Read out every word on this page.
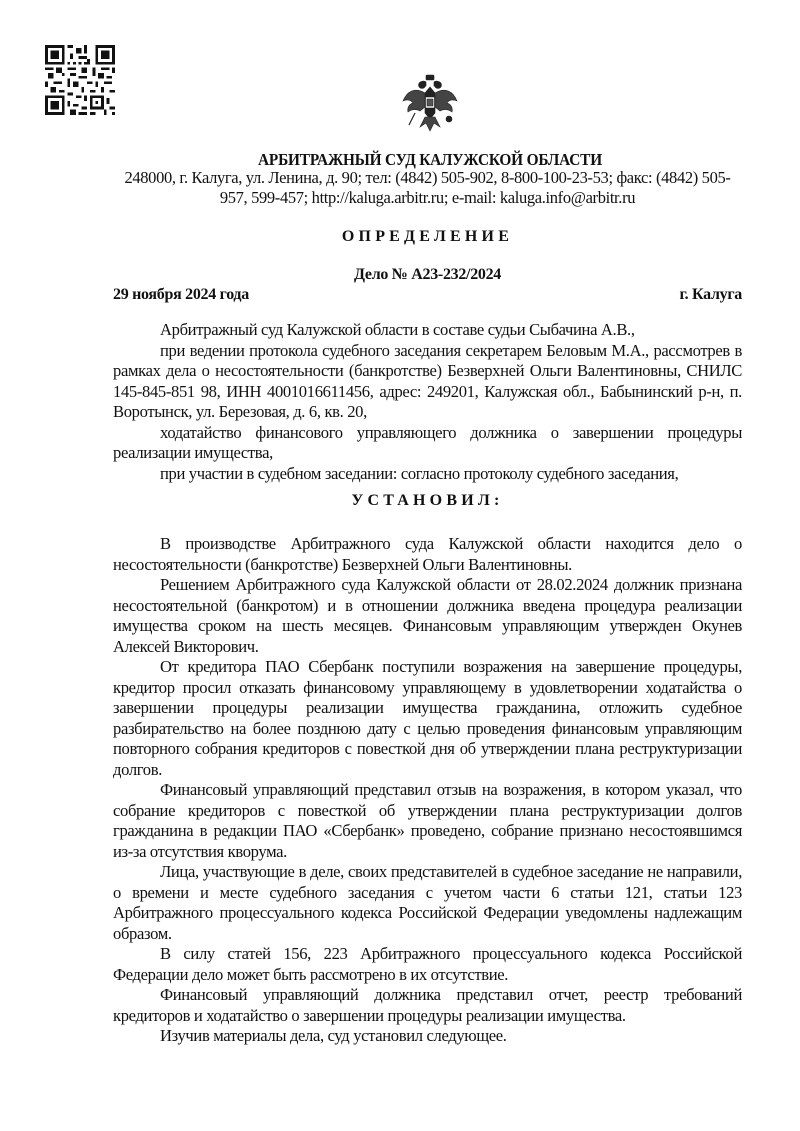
АРБИТРАЖНЫЙ СУД КАЛУЖСКОЙ ОБЛАСТИ
248000, г. Калуга, ул. Ленина, д. 90; тел: (4842) 505-902, 8-800-100-23-53; факс: (4842) 505-957, 599-457; http://kaluga.arbitr.ru; e-mail: kaluga.info@arbitr.ru
ОПРЕДЕЛЕНИЕ
Дело № А23-232/2024
29 ноября 2024 года	г. Калуга

Арбитражный суд Калужской области в составе судьи Сыбачина А.В.,

при ведении протокола судебного заседания секретарем Беловым М.А., рассмотрев в рамках дела о несостоятельности (банкротстве) Безверхней Ольги Валентиновны, СНИЛС 145-845-851 98, ИНН 4001016611456, адрес: 249201, Калужская обл., Бабынинский р-н, п. Воротынск, ул. Березовая, д. 6, кв. 20,

ходатайство финансового управляющего должника о завершении процедуры реализации имущества,

при участии в судебном заседании: согласно протоколу судебного заседания,

УСТАНОВИЛ:

В производстве Арбитражного суда Калужской области находится дело о несостоятельности (банкротстве) Безверхней Ольги Валентиновны.

Решением Арбитражного суда Калужской области от 28.02.2024 должник признана несостоятельной (банкротом) и в отношении должника введена процедура реализации имущества сроком на шесть месяцев. Финансовым управляющим утвержден Окунев Алексей Викторович.

От кредитора ПАО Сбербанк поступили возражения на завершение процедуры, кредитор просил отказать финансовому управляющему в удовлетворении ходатайства о завершении процедуры реализации имущества гражданина, отложить судебное разбирательство на более позднюю дату с целью проведения финансовым управляющим повторного собрания кредиторов с повесткой дня об утверждении плана реструктуризации долгов.

Финансовый управляющий представил отзыв на возражения, в котором указал, что собрание кредиторов с повесткой об утверждении плана реструктуризации долгов гражданина в редакции ПАО «Сбербанк» проведено, собрание признано несостоявшимся из-за отсутствия кворума.

Лица, участвующие в деле, своих представителей в судебное заседание не направили, о времени и месте судебного заседания с учетом части 6 статьи 121, статьи 123 Арбитражного процессуального кодекса Российской Федерации уведомлены надлежащим образом.

В силу статей 156, 223 Арбитражного процессуального кодекса Российской Федерации дело может быть рассмотрено в их отсутствие.

Финансовый управляющий должника представил отчет, реестр требований кредиторов и ходатайство о завершении процедуры реализации имущества.

Изучив материалы дела, суд установил следующее.
